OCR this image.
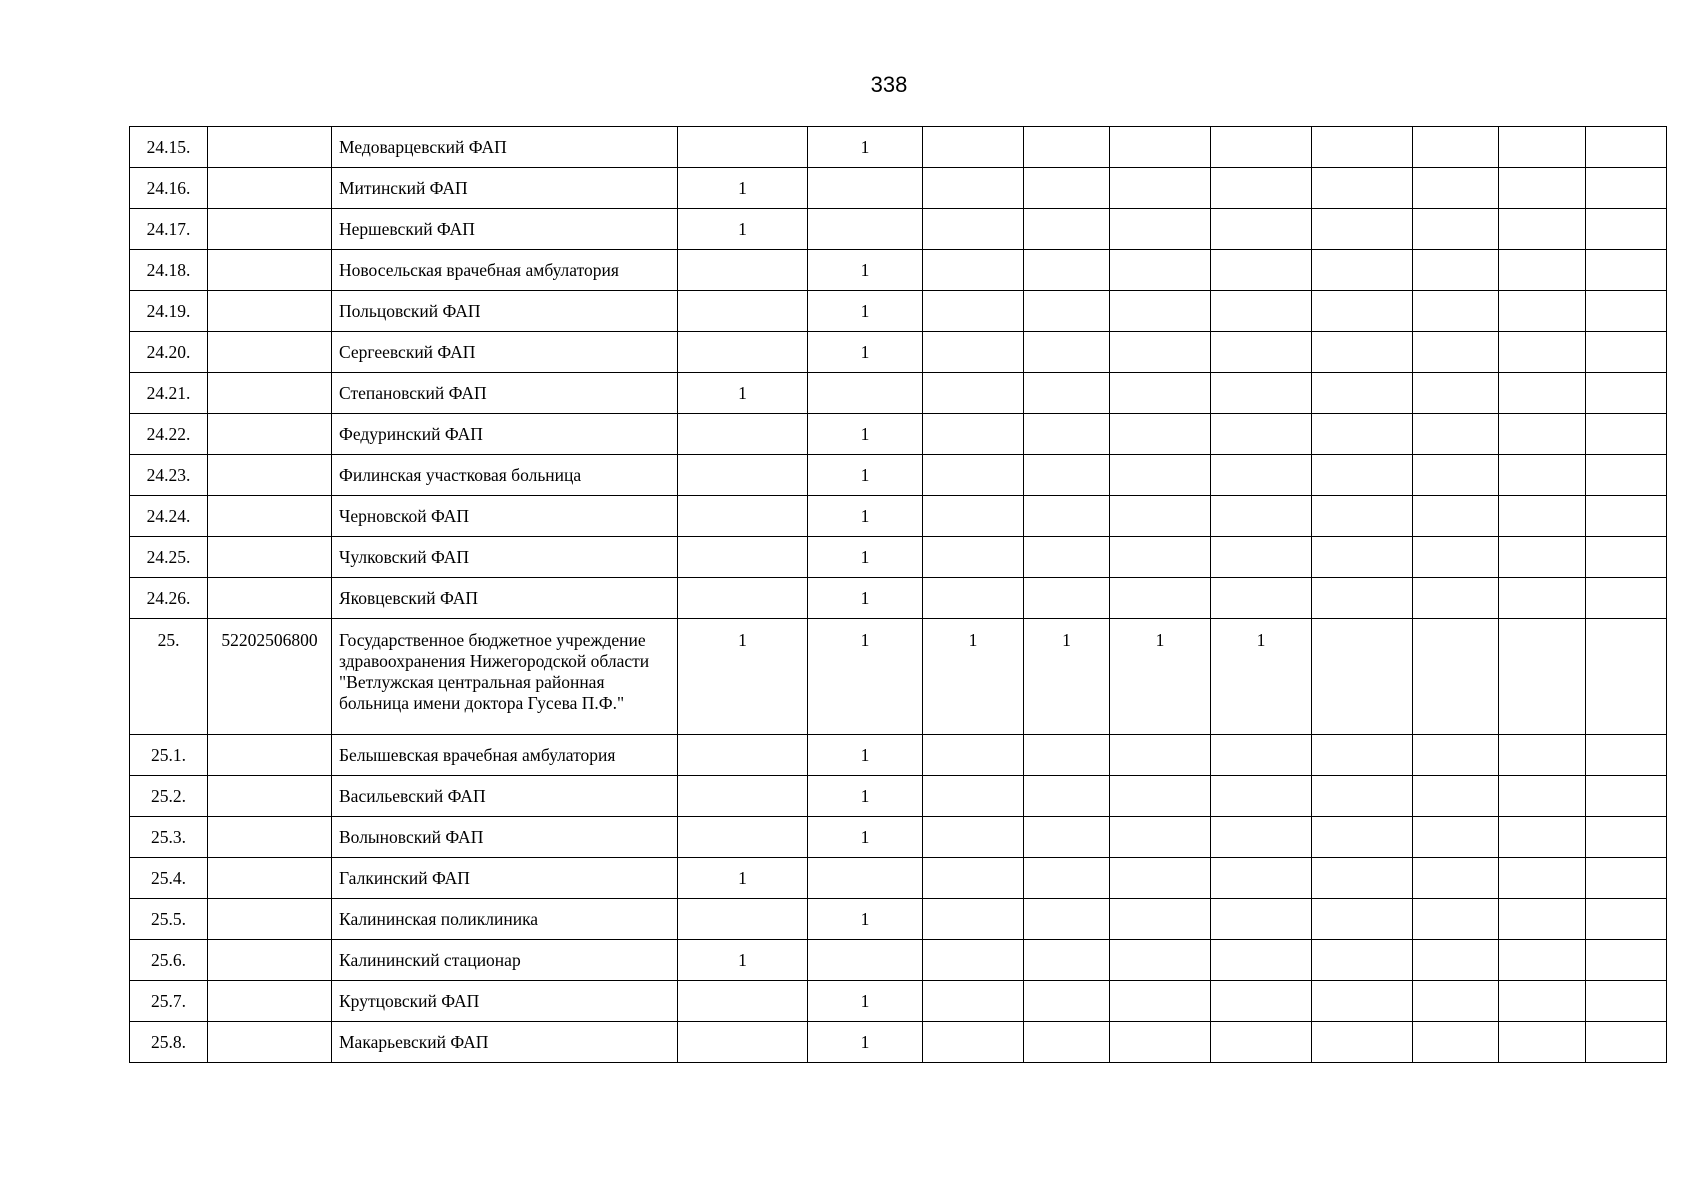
338
24.15.		Медоварцевский ФАП		1								
24.16.		Митинский ФАП	1									
24.17.		Нершевский ФАП	1									
24.18.		Новосельская врачебная амбулатория		1								
24.19.		Польцовский ФАП		1								
24.20.		Сергеевский ФАП		1								
24.21.		Степановский ФАП	1									
24.22.		Федуринский ФАП		1								
24.23.		Филинская участковая больница		1								
24.24.		Черновской ФАП		1								
24.25.		Чулковский ФАП		1								
24.26.		Яковцевский ФАП		1								
25.	52202506800	Государственное бюджетное учреждение здравоохранения Нижегородской области "Ветлужская центральная районная больница имени доктора Гусева П.Ф."	1	1	1	1	1	1				
25.1.		Белышевская врачебная амбулатория		1								
25.2.		Васильевский ФАП		1								
25.3.		Волыновский ФАП		1								
25.4.		Галкинский ФАП	1									
25.5.		Калининская поликлиника		1								
25.6.		Калининский стационар	1									
25.7.		Крутцовский ФАП		1								
25.8.		Макарьевский ФАП		1								
